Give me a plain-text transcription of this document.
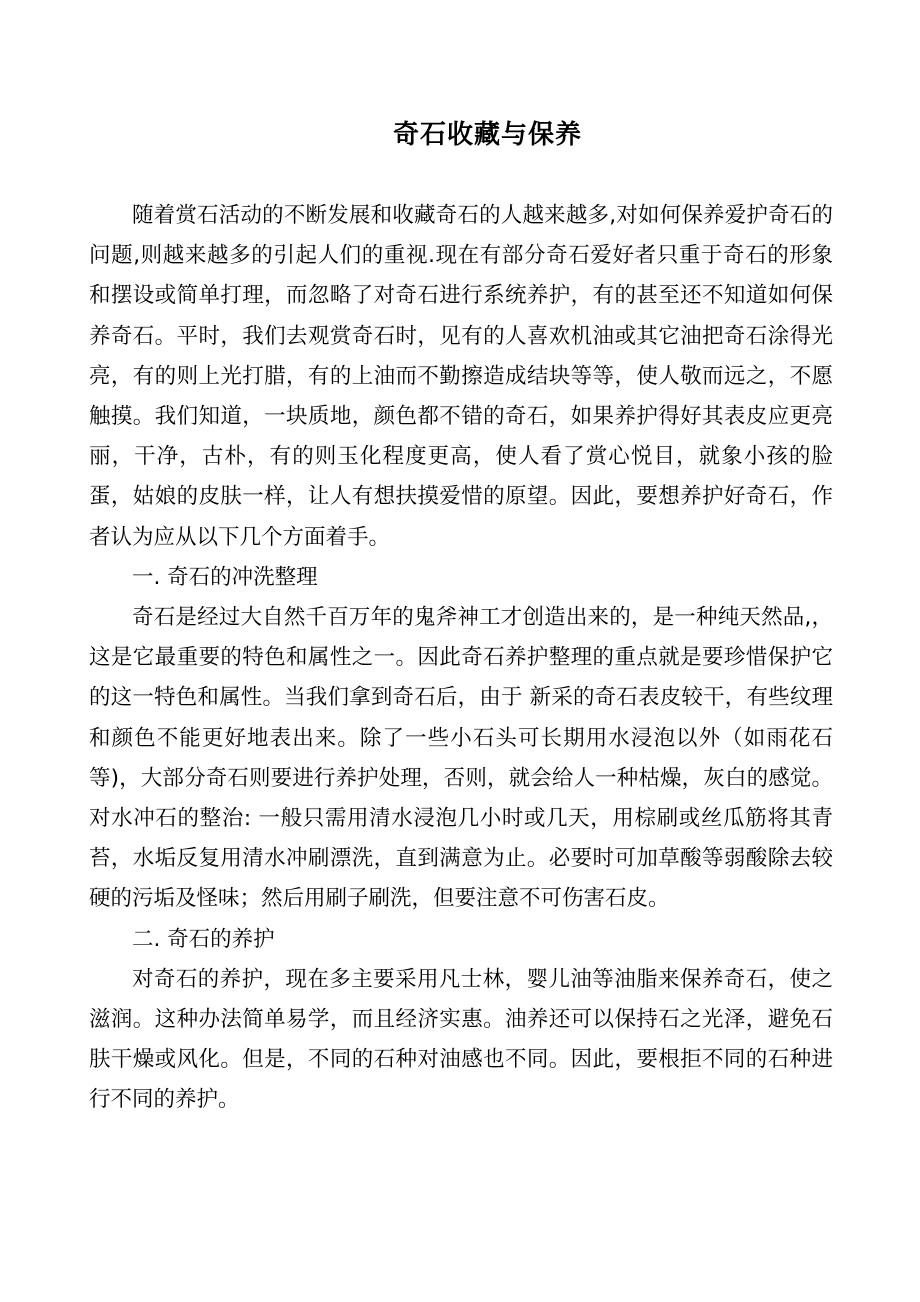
奇石收藏与保养

随着赏石活动的不断发展和收藏奇石的人越来越多,对如何保养爱护奇石的问题,则越来越多的引起人们的重视.现在有部分奇石爱好者只重于奇石的形象和摆设或简单打理，而忽略了对奇石进行系统养护，有的甚至还不知道如何保养奇石。平时，我们去观赏奇石时，见有的人喜欢机油或其它油把奇石涂得光亮，有的则上光打腊，有的上油而不勤擦造成结块等等，使人敬而远之，不愿触摸。我们知道，一块质地，颜色都不错的奇石，如果养护得好其表皮应更亮丽，干净，古朴，有的则玉化程度更高，使人看了赏心悦目，就象小孩的脸蛋，姑娘的皮肤一样，让人有想扶摸爱惜的原望。因此，要想养护好奇石，作者认为应从以下几个方面着手。

一. 奇石的冲洗整理

奇石是经过大自然千百万年的鬼斧神工才创造出来的，是一种纯天然品,，这是它最重要的特色和属性之一。因此奇石养护整理的重点就是要珍惜保护它的这一特色和属性。当我们拿到奇石后，由于 新采的奇石表皮较干，有些纹理和颜色不能更好地表出来。除了一些小石头可长期用水浸泡以外（如雨花石等)，大部分奇石则要进行养护处理，否则，就会给人一种枯燥，灰白的感觉。对水冲石的整治: 一般只需用清水浸泡几小时或几天，用棕刷或丝瓜筋将其青苔，水垢反复用清水冲刷漂洗，直到满意为止。必要时可加草酸等弱酸除去较硬的污垢及怪味；然后用刷子刷洗，但要注意不可伤害石皮。

二. 奇石的养护

对奇石的养护，现在多主要采用凡士林，婴儿油等油脂来保养奇石，使之滋润。这种办法简单易学，而且经济实惠。油养还可以保持石之光泽，避免石肤干燥或风化。但是，不同的石种对油感也不同。因此，要根拒不同的石种进行不同的养护。
